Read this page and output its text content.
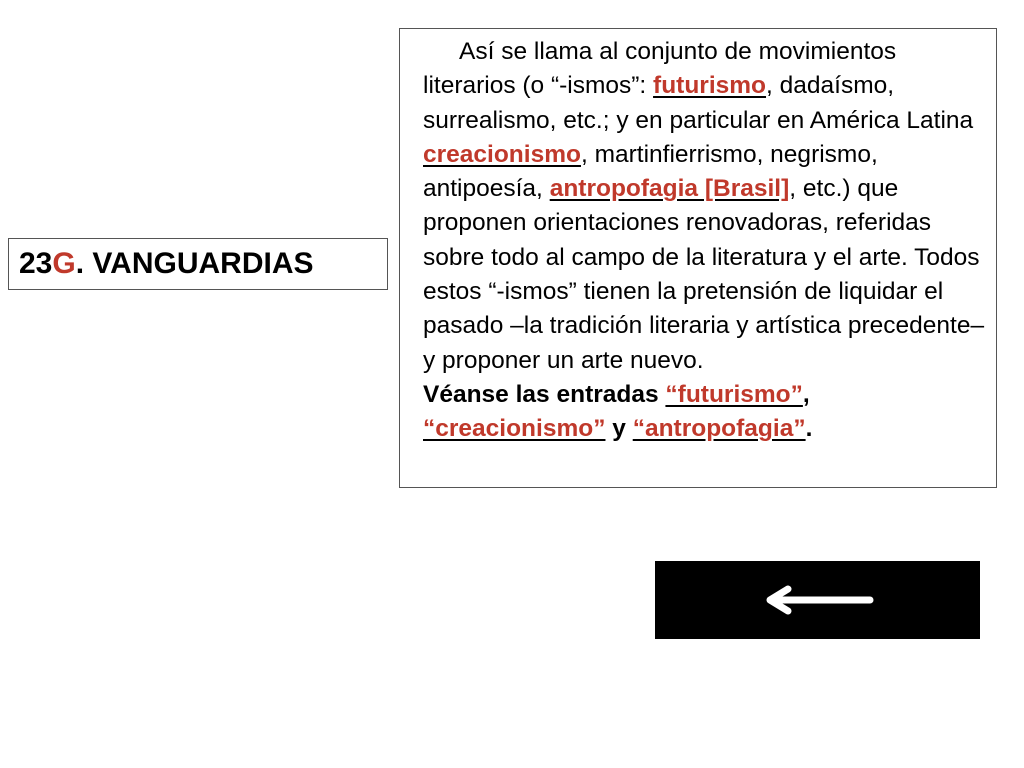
23 G . VANGUARDIAS

Así se llama al conjunto de movimientos literarios (o “-ismos”: futurismo, dadaísmo, surrealismo, etc.; y en particular en América Latina creacionismo, martinfierrismo, negrismo, antipoesía, antropofagia [Brasil], etc.) que proponen orientaciones renovadoras, referidas sobre todo al campo de la literatura y el arte. Todos estos “-ismos” tienen la pretensión de liquidar el pasado –la tradición literaria y artística precedente– y proponer un arte nuevo.

Véanse las entradas “futurismo”,
“creacionismo” y “antropofagia”.
